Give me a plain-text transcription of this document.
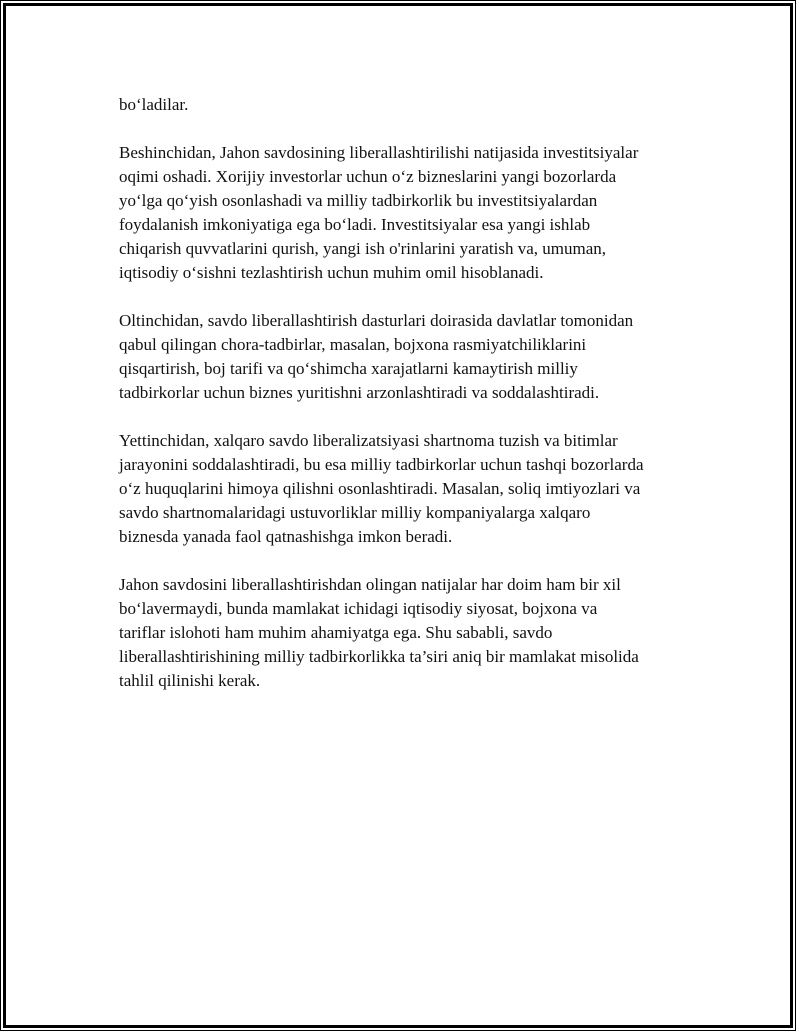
bo‘ladilar.

Beshinchidan, Jahon savdosining liberallashtirilishi natijasida investitsiyalar
oqimi oshadi. Xorijiy investorlar uchun o‘z bizneslarini yangi bozorlarda
yo‘lga qo‘yish osonlashadi va milliy tadbirkorlik bu investitsiyalardan
foydalanish imkoniyatiga ega bo‘ladi. Investitsiyalar esa yangi ishlab
chiqarish quvvatlarini qurish, yangi ish o'rinlarini yaratish va, umuman,
iqtisodiy o‘sishni tezlashtirish uchun muhim omil hisoblanadi.

Oltinchidan, savdo liberallashtirish dasturlari doirasida davlatlar tomonidan
qabul qilingan chora-tadbirlar, masalan, bojxona rasmiyatchiliklarini
qisqartirish, boj tarifi va qo‘shimcha xarajatlarni kamaytirish milliy
tadbirkorlar uchun biznes yuritishni arzonlashtiradi va soddalashtiradi.

Yettinchidan, xalqaro savdo liberalizatsiyasi shartnoma tuzish va bitimlar
jarayonini soddalashtiradi, bu esa milliy tadbirkorlar uchun tashqi bozorlarda
o‘z huquqlarini himoya qilishni osonlashtiradi. Masalan, soliq imtiyozlari va
savdo shartnomalaridagi ustuvorliklar milliy kompaniyalarga xalqaro
biznesda yanada faol qatnashishga imkon beradi.

Jahon savdosini liberallashtirishdan olingan natijalar har doim ham bir xil
bo‘lavermaydi, bunda mamlakat ichidagi iqtisodiy siyosat, bojxona va
tariflar islohoti ham muhim ahamiyatga ega. Shu sababli, savdo
liberallashtirishining milliy tadbirkorlikka ta’siri aniq bir mamlakat misolida
tahlil qilinishi kerak.
